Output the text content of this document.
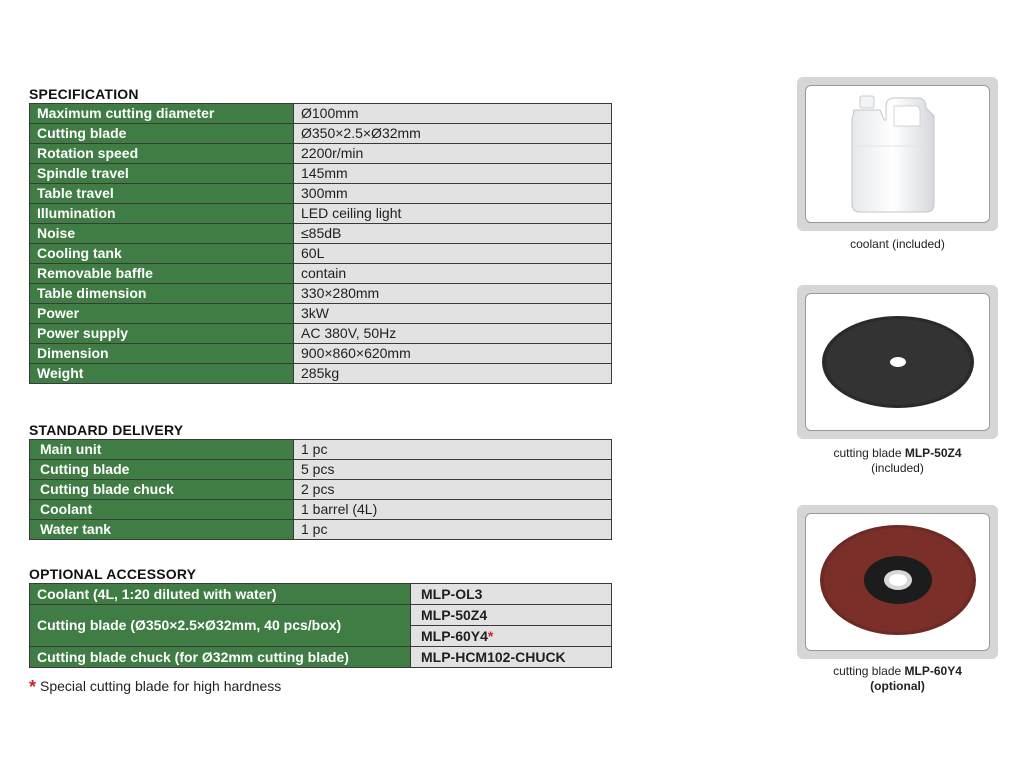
SPECIFICATION
Maximum cutting diameter	Ø100mm
Cutting blade	Ø350×2.5×Ø32mm
Rotation speed	2200r/min
Spindle travel	145mm
Table travel	300mm
Illumination	LED ceiling light
Noise	≤85dB
Cooling tank	60L
Removable baffle	contain
Table dimension	330×280mm
Power	3kW
Power supply	AC 380V, 50Hz
Dimension	900×860×620mm
Weight	285kg
STANDARD DELIVERY
Main unit	1 pc
Cutting blade	5 pcs
Cutting blade chuck	2 pcs
Coolant	1 barrel (4L)
Water tank	1 pc
OPTIONAL ACCESSORY
Coolant (4L, 1:20 diluted with water)	MLP-OL3
Cutting blade (Ø350×2.5×Ø32mm, 40 pcs/box)	MLP-50Z4
	MLP-60Y4*
Cutting blade chuck (for Ø32mm cutting blade)	MLP-HCM102-CHUCK
* Special cutting blade for high hardness
coolant (included)
cutting blade MLP-50Z4
(included)
cutting blade MLP-60Y4
(optional)
